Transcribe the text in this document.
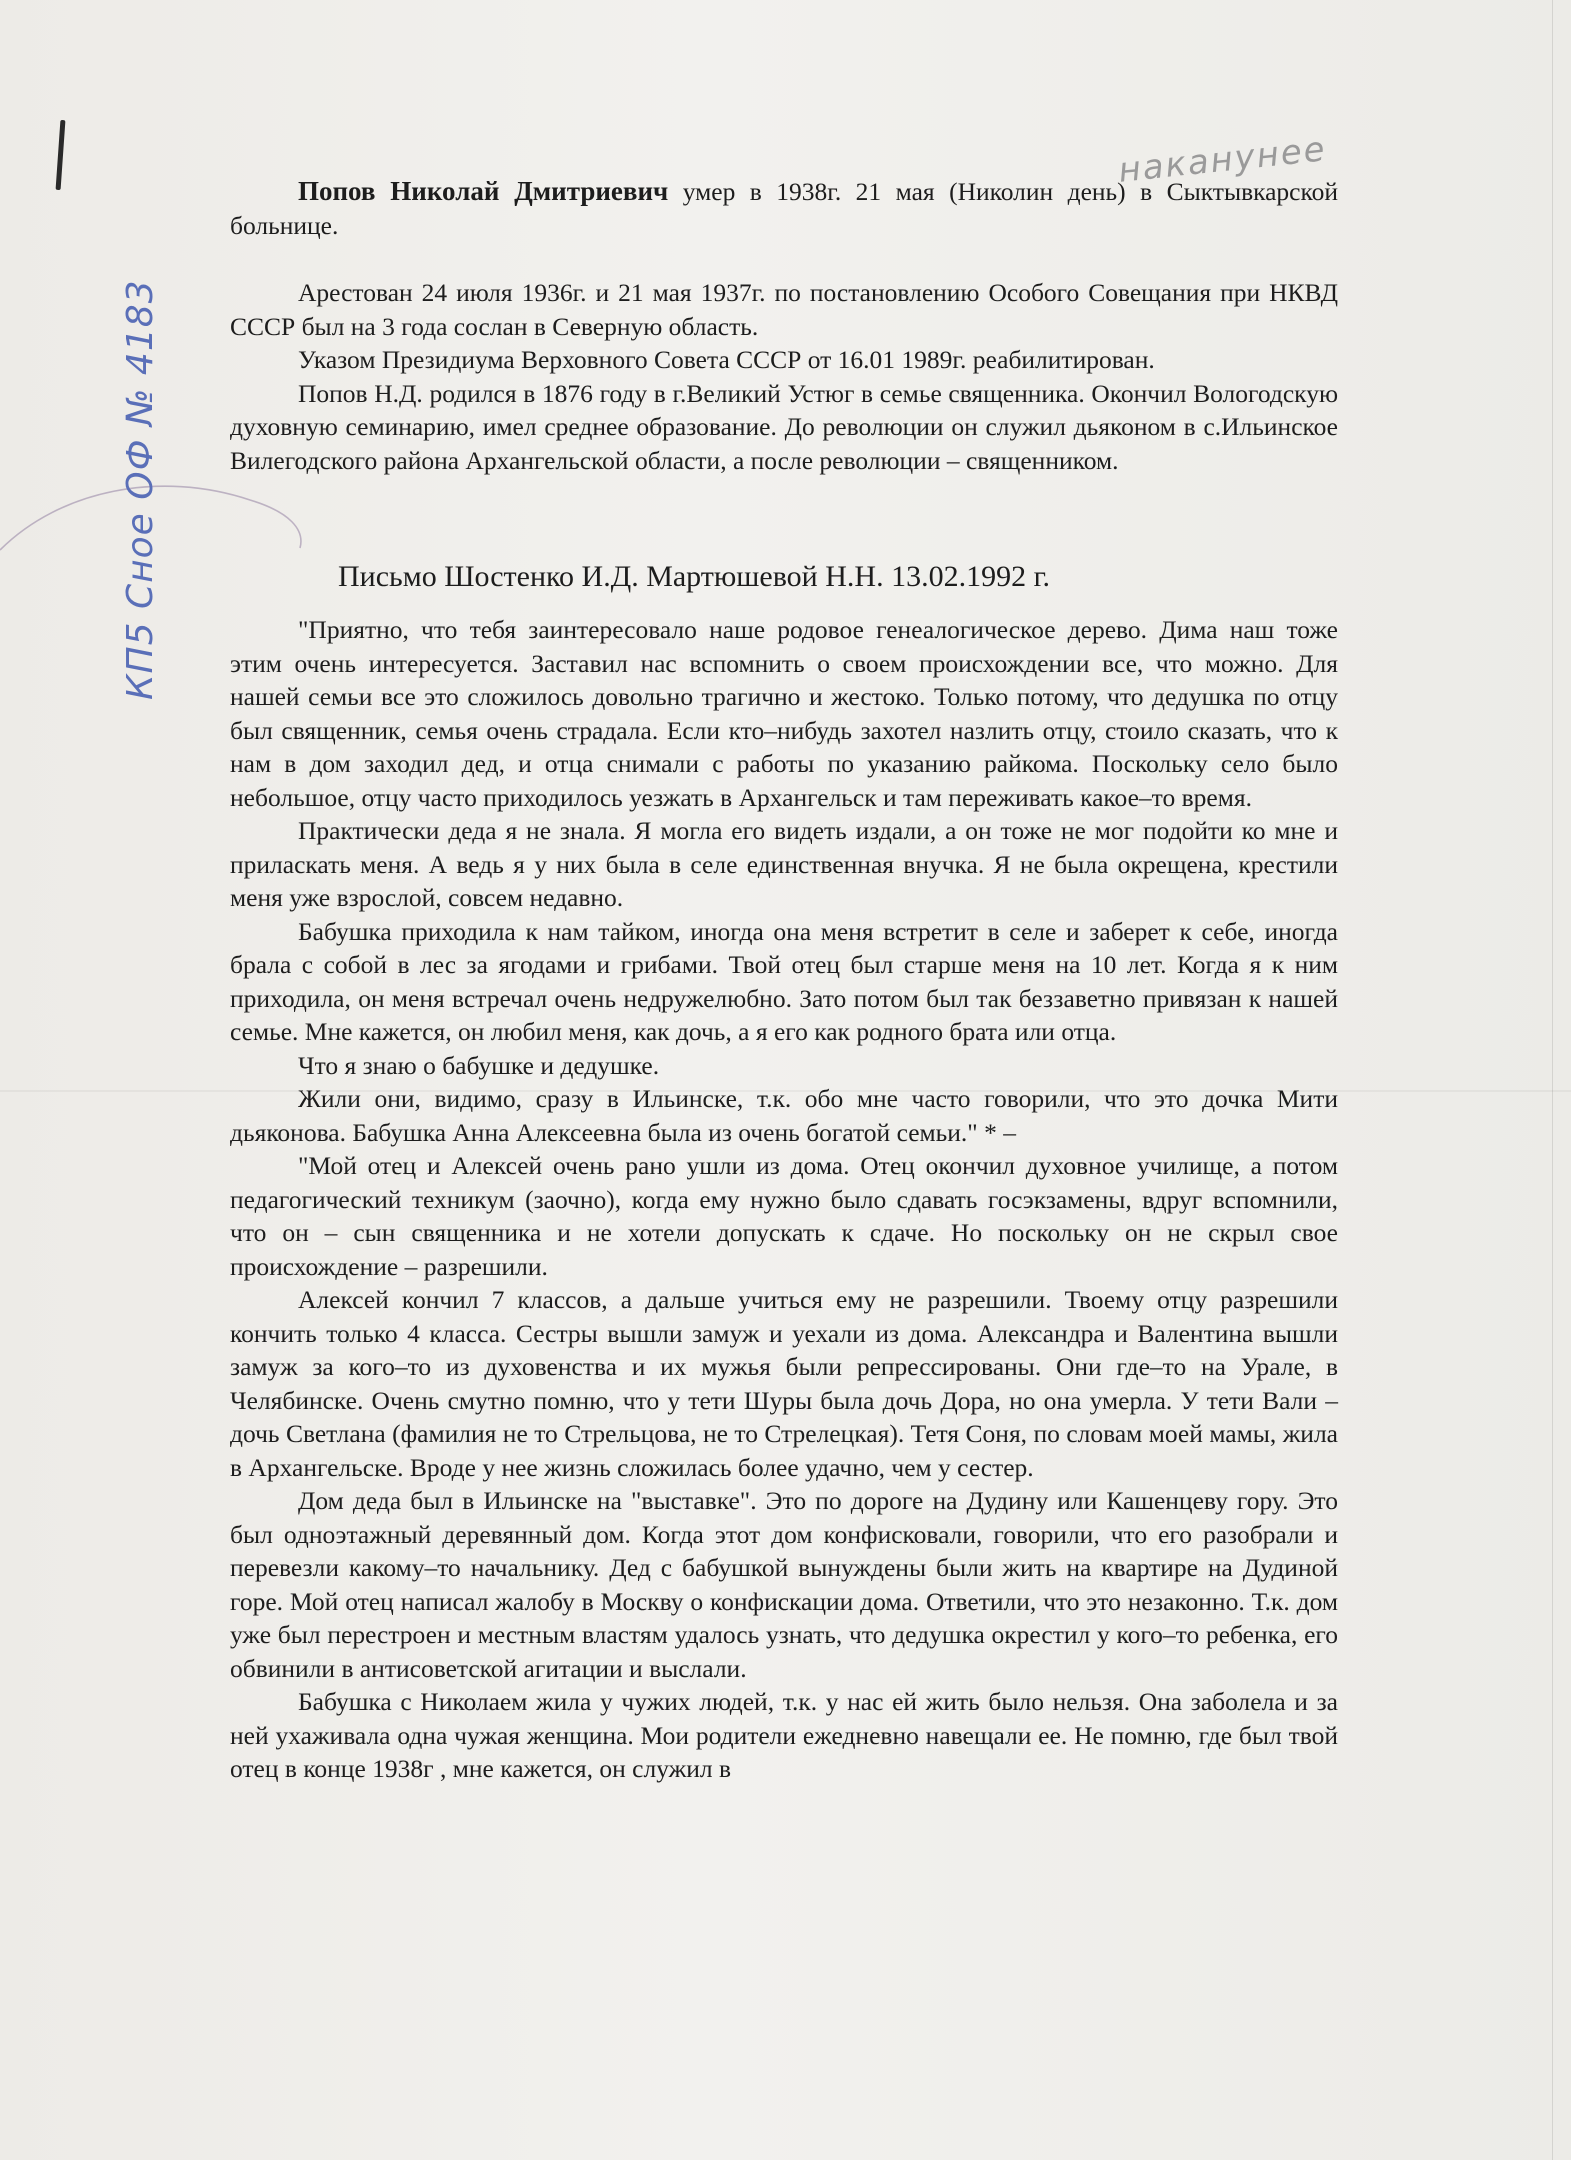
наканунее
КП5 Сное ОФ № 4183

Попов Николай Дмитриевич умер в 1938г. 21 мая (Николин день) в Сыктывкарской больнице.

Арестован 24 июля 1936г. и 21 мая 1937г. по постановлению Особого Совещания при НКВД СССР был на 3 года сослан в Северную область.

Указом Президиума Верховного Совета СССР от 16.01 1989г. реабилитирован.

Попов Н.Д. родился в 1876 году в г.Великий Устюг в семье священника. Окончил Вологодскую духовную семинарию, имел среднее образование. До революции он служил дьяконом в с.Ильинское Вилегодского района Архангельской области, а после революции – священником.

Письмо Шостенко И.Д. Мартюшевой Н.Н. 13.02.1992 г.

"Приятно, что тебя заинтересовало наше родовое генеалогическое дерево. Дима наш тоже этим очень интересуется. Заставил нас вспомнить о своем происхождении все, что можно. Для нашей семьи все это сложилось довольно трагично и жестоко. Только потому, что дедушка по отцу был священник, семья очень страдала. Если кто–нибудь захотел назлить отцу, стоило сказать, что к нам в дом заходил дед, и отца снимали с работы по указанию райкома. Поскольку село было небольшое, отцу часто приходилось уезжать в Архангельск и там переживать какое–то время.

Практически деда я не знала. Я могла его видеть издали, а он тоже не мог подойти ко мне и приласкать меня. А ведь я у них была в селе единственная внучка. Я не была окрещена, крестили меня уже взрослой, совсем недавно.

Бабушка приходила к нам тайком, иногда она меня встретит в селе и заберет к себе, иногда брала с собой в лес за ягодами и грибами. Твой отец был старше меня на 10 лет. Когда я к ним приходила, он меня встречал очень недружелюбно. Зато потом был так беззаветно привязан к нашей семье. Мне кажется, он любил меня, как дочь, а я его как родного брата или отца.

Что я знаю о бабушке и дедушке.

Жили они, видимо, сразу в Ильинске, т.к. обо мне часто говорили, что это дочка Мити дьяконова. Бабушка Анна Алексеевна была из очень богатой семьи." * –

"Мой отец и Алексей очень рано ушли из дома. Отец окончил духовное училище, а потом педагогический техникум (заочно), когда ему нужно было сдавать госэкзамены, вдруг вспомнили, что он – сын священника и не хотели допускать к сдаче. Но поскольку он не скрыл свое происхождение – разрешили.

Алексей кончил 7 классов, а дальше учиться ему не разрешили. Твоему отцу разрешили кончить только 4 класса. Сестры вышли замуж и уехали из дома. Александра и Валентина вышли замуж за кого–то из духовенства и их мужья были репрессированы. Они где–то на Урале, в Челябинске. Очень смутно помню, что у тети Шуры была дочь Дора, но она умерла. У тети Вали – дочь Светлана (фамилия не то Стрельцова, не то Стрелецкая). Тетя Соня, по словам моей мамы, жила в Архангельске. Вроде у нее жизнь сложилась более удачно, чем у сестер.

Дом деда был в Ильинске на "выставке". Это по дороге на Дудину или Кашенцеву гору. Это был одноэтажный деревянный дом. Когда этот дом конфисковали, говорили, что его разобрали и перевезли какому–то начальнику. Дед с бабушкой вынуждены были жить на квартире на Дудиной горе. Мой отец написал жалобу в Москву о конфискации дома. Ответили, что это незаконно. Т.к. дом уже был перестроен и местным властям удалось узнать, что дедушка окрестил у кого–то ребенка, его обвинили в антисоветской агитации и выслали.

Бабушка с Николаем жила у чужих людей, т.к. у нас ей жить было нельзя. Она заболела и за ней ухаживала одна чужая женщина. Мои родители ежедневно навещали ее. Не помню, где был твой отец в конце 1938г , мне кажется, он служил в
